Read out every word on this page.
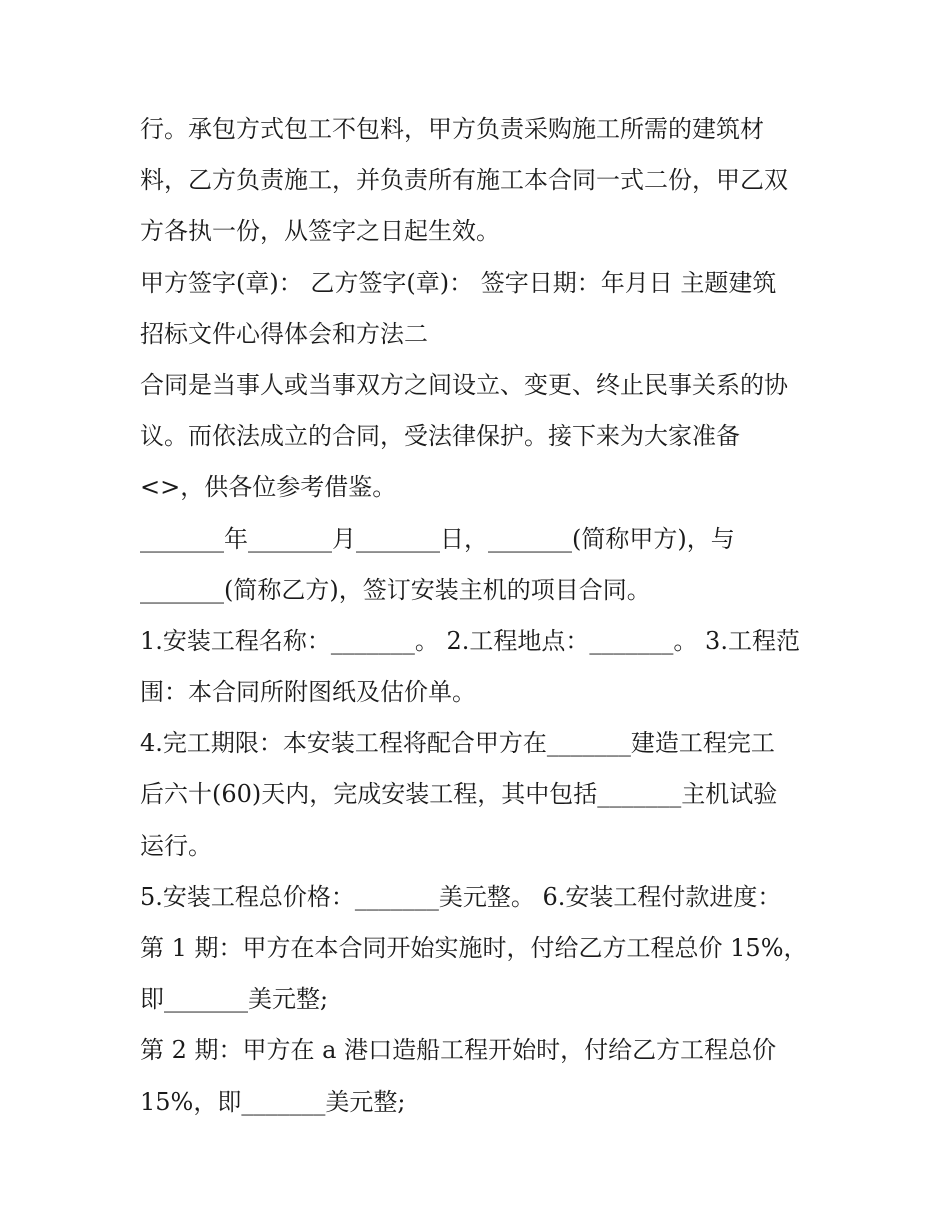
行。承包方式包工不包料，甲方负责采购施工所需的建筑材
料，乙方负责施工，并负责所有施工本合同一式二份，甲乙双
方各执一份，从签字之日起生效。
甲方签字(章)： 乙方签字(章)： 签字日期：年月日 主题建筑
招标文件心得体会和方法二
合同是当事人或当事双方之间设立、变更、终止民事关系的协
议。而依法成立的合同，受法律保护。接下来为大家准备
<>，供各位参考借鉴。
_______年_______月_______日，_______(简称甲方)，与
_______(简称乙方)，签订安装主机的项目合同。
1.安装工程名称：_______。 2.工程地点：_______。 3.工程范
围：本合同所附图纸及估价单。
4.完工期限：本安装工程将配合甲方在_______建造工程完工
后六十(60)天内，完成安装工程，其中包括_______主机试验
运行。
5.安装工程总价格：_______美元整。 6.安装工程付款进度：
第 1 期：甲方在本合同开始实施时，付给乙方工程总价 15%，
即_______美元整;
第 2 期：甲方在 a 港口造船工程开始时，付给乙方工程总价
15%，即_______美元整;
